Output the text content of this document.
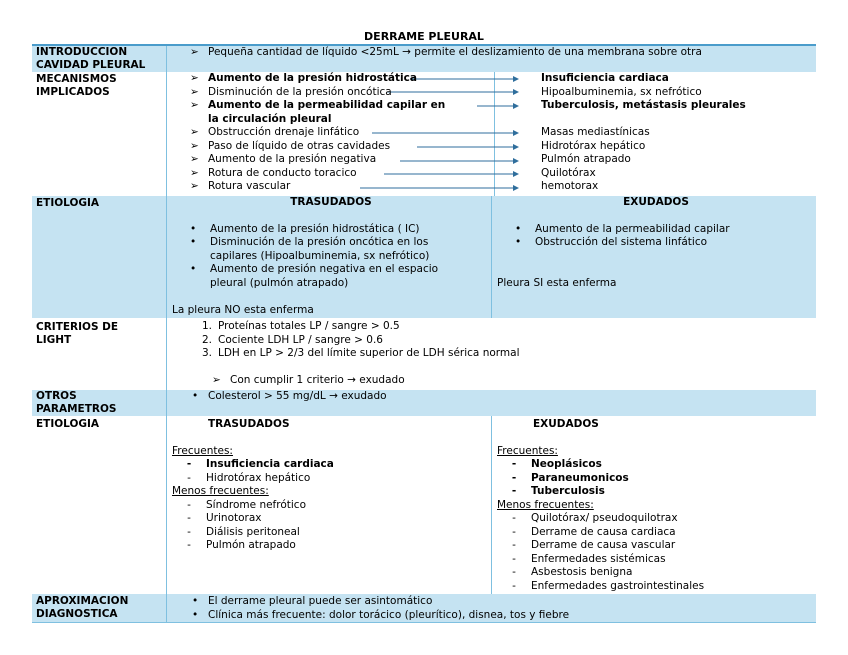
DERRAME PLEURAL
INTRODUCCION
CAVIDAD PLEURAL
➢ Pequeña cantidad de líquido <25mL → permite el deslizamiento de una membrana sobre otra
MECANISMOS
IMPLICADOS
➢ Aumento de la presión hidrostática
➢ Disminución de la presión oncótica
➢ Aumento de la permeabilidad capilar en
la circulación pleural
➢ Obstrucción drenaje linfático
➢ Paso de líquido de otras cavidades
➢ Aumento de la presión negativa
➢ Rotura de conducto toracico
➢ Rotura vascular
Insuficiencia cardiaca
Hipoalbuminemia, sx nefrótico
Tuberculosis, metástasis pleurales

Masas mediastínicas
Hidrotórax hepático
Pulmón atrapado
Quilotórax
hemotorax
ETIOLOGIA	TRASUDADOS
• Aumento de la presión hidrostática ( IC)
• Disminución de la presión oncótica en los
capilares (Hipoalbuminemia, sx nefrótico)
• Aumento de presión negativa en el espacio
pleural (pulmón atrapado)
La pleura NO esta enferma
EXUDADOS
• Aumento de la permeabilidad capilar
• Obstrucción del sistema linfático
Pleura SI esta enferma
CRITERIOS DE
LIGHT
1. Proteínas totales LP / sangre > 0.5
2. Cociente LDH LP / sangre > 0.6
3. LDH en LP > 2/3 del límite superior de LDH sérica normal
➢ Con cumplir 1 criterio → exudado
OTROS
PARAMETROS
• Colesterol > 55 mg/dL → exudado
ETIOLOGIA	TRASUDADOS
Frecuentes:
- Insuficiencia cardiaca
- Hidrotórax hepático
Menos frecuentes:
- Síndrome nefrótico
- Urinotorax
- Diálisis peritoneal
- Pulmón atrapado
EXUDADOS
Frecuentes:
- Neoplásicos
- Paraneumonicos
- Tuberculosis
Menos frecuentes:
- Quilotórax/ pseudoquilotrax
- Derrame de causa cardiaca
- Derrame de causa vascular
- Enfermedades sistémicas
- Asbestosis benigna
- Enfermedades gastrointestinales
APROXIMACION
DIAGNOSTICA
• El derrame pleural puede ser asintomático
• Clínica más frecuente: dolor torácico (pleurítico), disnea, tos y fiebre
